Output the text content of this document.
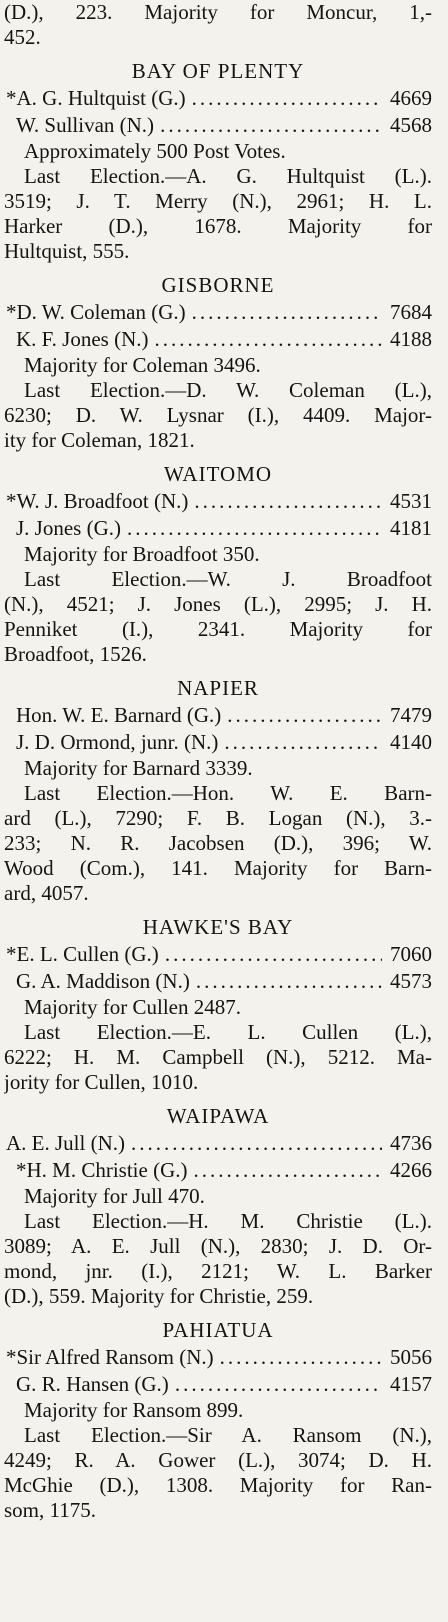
(D.), 223. Majority for Moncur, 1,-
452.
BAY OF PLENTY
*A. G. Hultquist (G.) .....	4669
W. Sullivan (N.) .....	4568
Approximately 500 Post Votes.
Last Election.—A. G. Hultquist (L.).
3519; J. T. Merry (N.), 2961; H. L.
Harker (D.), 1678. Majority for
Hultquist, 555.
GISBORNE
*D. W. Coleman (G.) .....	7684
K. F. Jones (N.) .....	4188
Majority for Coleman 3496.
Last Election.—D. W. Coleman (L.),
6230; D. W. Lysnar (I.), 4409. Major-
ity for Coleman, 1821.
WAITOMO
*W. J. Broadfoot (N.) .....	4531
J. Jones (G.) .....	4181
Majority for Broadfoot 350.
Last Election.—W. J. Broadfoot
(N.), 4521; J. Jones (L.), 2995; J. H.
Penniket (I.), 2341. Majority for
Broadfoot, 1526.
NAPIER
Hon. W. E. Barnard (G.) .....	7479
J. D. Ormond, junr. (N.) .....	4140
Majority for Barnard 3339.
Last Election.—Hon. W. E. Barn-
ard (L.), 7290; F. B. Logan (N.), 3.-
233; N. R. Jacobsen (D.), 396; W.
Wood (Com.), 141. Majority for Barn-
ard, 4057.
HAWKE'S BAY
*E. L. Cullen (G.) .....	7060
G. A. Maddison (N.) .....	4573
Majority for Cullen 2487.
Last Election.—E. L. Cullen (L.),
6222; H. M. Campbell (N.), 5212. Ma-
jority for Cullen, 1010.
WAIPAWA
A. E. Jull (N.) .....	4736
*H. M. Christie (G.) .....	4266
Majority for Jull 470.
Last Election.—H. M. Christie (L.).
3089; A. E. Jull (N.), 2830; J. D. Or-
mond, jnr. (I.), 2121; W. L. Barker
(D.), 559. Majority for Christie, 259.
PAHIATUA
*Sir Alfred Ransom (N.) .....	5056
G. R. Hansen (G.) .....	4157
Majority for Ransom 899.
Last Election.—Sir A. Ransom (N.),
4249; R. A. Gower (L.), 3074; D. H.
McGhie (D.), 1308. Majority for Ran-
som, 1175.
